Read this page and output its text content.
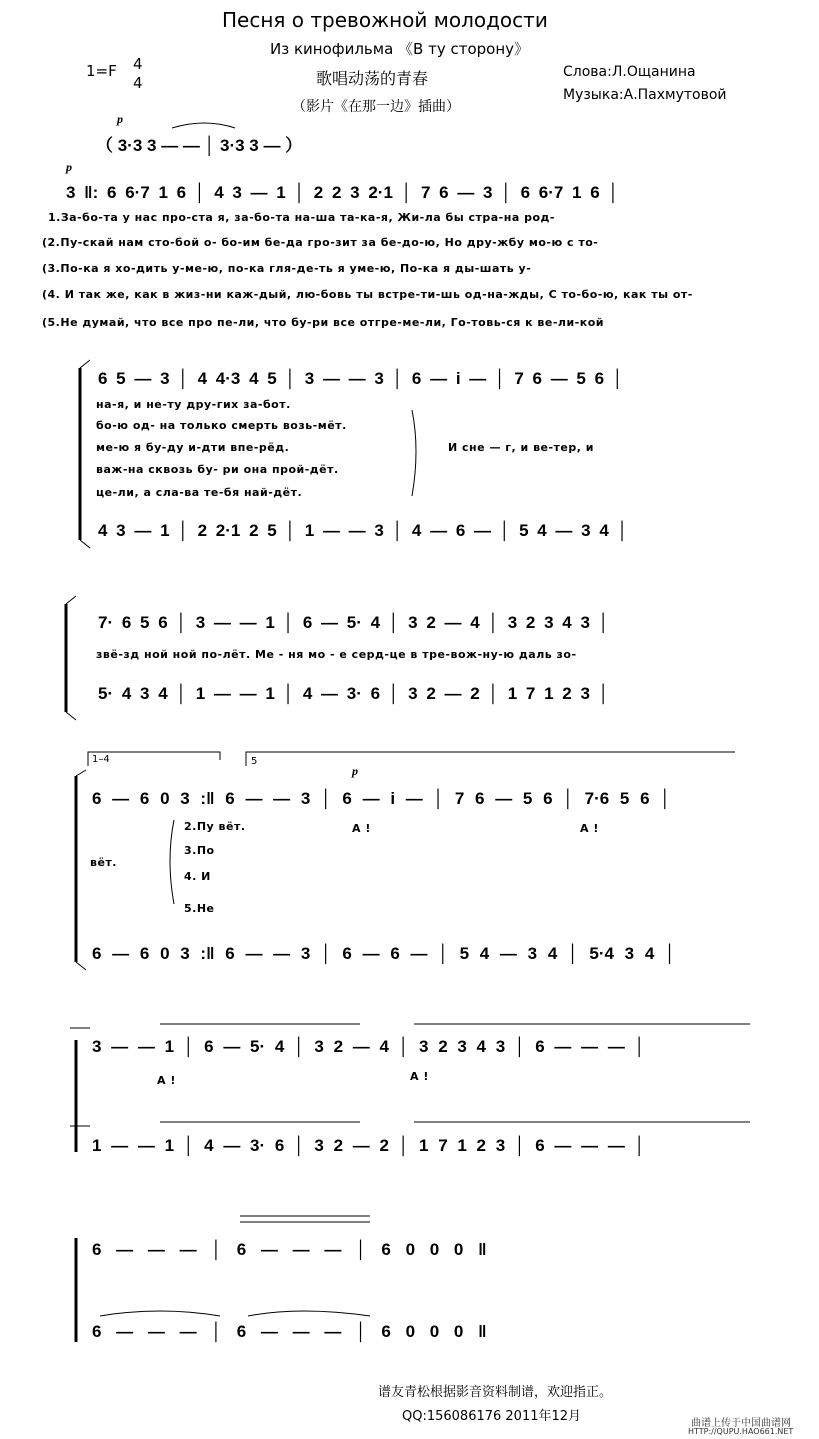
Песня о тревожной молодости
Из кинофильма 《В ту сторону》
1=F 4
4	歌唱动荡的青春
（影片《在那一边》插曲）
Слова:Л.Ощанина
Музыка:А.Пахмутовой
p
（ 3·3 3 — — │ 3·3 3 — ）
p
3 ‖: 6 6·7 1 6 │ 4 3 — 1 │ 2 2 3 2·1 │ 7 6 — 3 │ 6 6·7 1 6 │
1.За-бо-та у нас про-ста я, за-бо-та на-ша та-ка-я, Жи-ла бы стра-на род-
(2.Пу-скай нам сто-бой о- бо-им бе-да гро-зит за бе-до-ю, Но дру-жбу мо-ю с то-
(3.По-ка я хо-дить у-ме-ю, по-ка гля-де-ть я уме-ю, По-ка я ды-шать у-
(4. И так же, как в жиз-ни каж-дый, лю-бовь ты встре-ти-шь од-на-жды, С то-бо-ю, как ты от-
(5.Не думай, что все про пе-ли, что бу-ри все отгре-ме-ли, Го-товь-ся к ве-ли-кой
6 5 — 3 │ 4 4·3 4 5 │ 3 — — 3 │ 6 — i — │ 7 6 — 5 6 │
на-я, и не-ту дру-гих за-бот.
бо-ю од- на только смерть возь-мёт.
ме-ю я бу-ду и-дти впе-рёд.
важ-на сквозь бу- ри она прой-дёт.
це-ли, а сла-ва те-бя най-дёт.
И сне — г, и ве-тер, и
4 3 — 1 │ 2 2·1 2 5 │ 1 — — 3 │ 4 — 6 — │ 5 4 — 3 4 │
7· 6 5 6 │ 3 — — 1 │ 6 — 5· 4 │ 3 2 — 4 │ 3 2 3 4 3 │
звё-зд ной ной по-лёт. Ме - ня мо - е серд-це в тре-вож-ну-ю даль зо-
5· 4 3 4 │ 1 — — 1 │ 4 — 3· 6 │ 3 2 — 2 │ 1 7 1 2 3 │
1–4	5
p
6 — 6 0 3 :‖ 6 — — 3 │ 6 — i — │ 7 6 — 5 6 │ 7·6 5 6 │
вёт.
2.Пу вёт.
3.По
4. И
5.Не
А !	А !
6 — 6 0 3 :‖ 6 — — 3 │ 6 — 6 — │ 5 4 — 3 4 │ 5·4 3 4 │
3 — — 1 │ 6 — 5· 4 │ 3 2 — 4 │ 3 2 3 4 3 │ 6 — — — │
А !	А !
1 — — 1 │ 4 — 3· 6 │ 3 2 — 2 │ 1 7 1 2 3 │ 6 — — — │
6 — — — │ 6 — — — │ 6 0 0 0 ‖
6 — — — │ 6 — — — │ 6 0 0 0 ‖
谱友青松根据影音资料制谱，欢迎指正。
QQ:156086176 2011年12月	曲谱上传于中国曲谱网
HTTP://QUPU.HAO661.NET
